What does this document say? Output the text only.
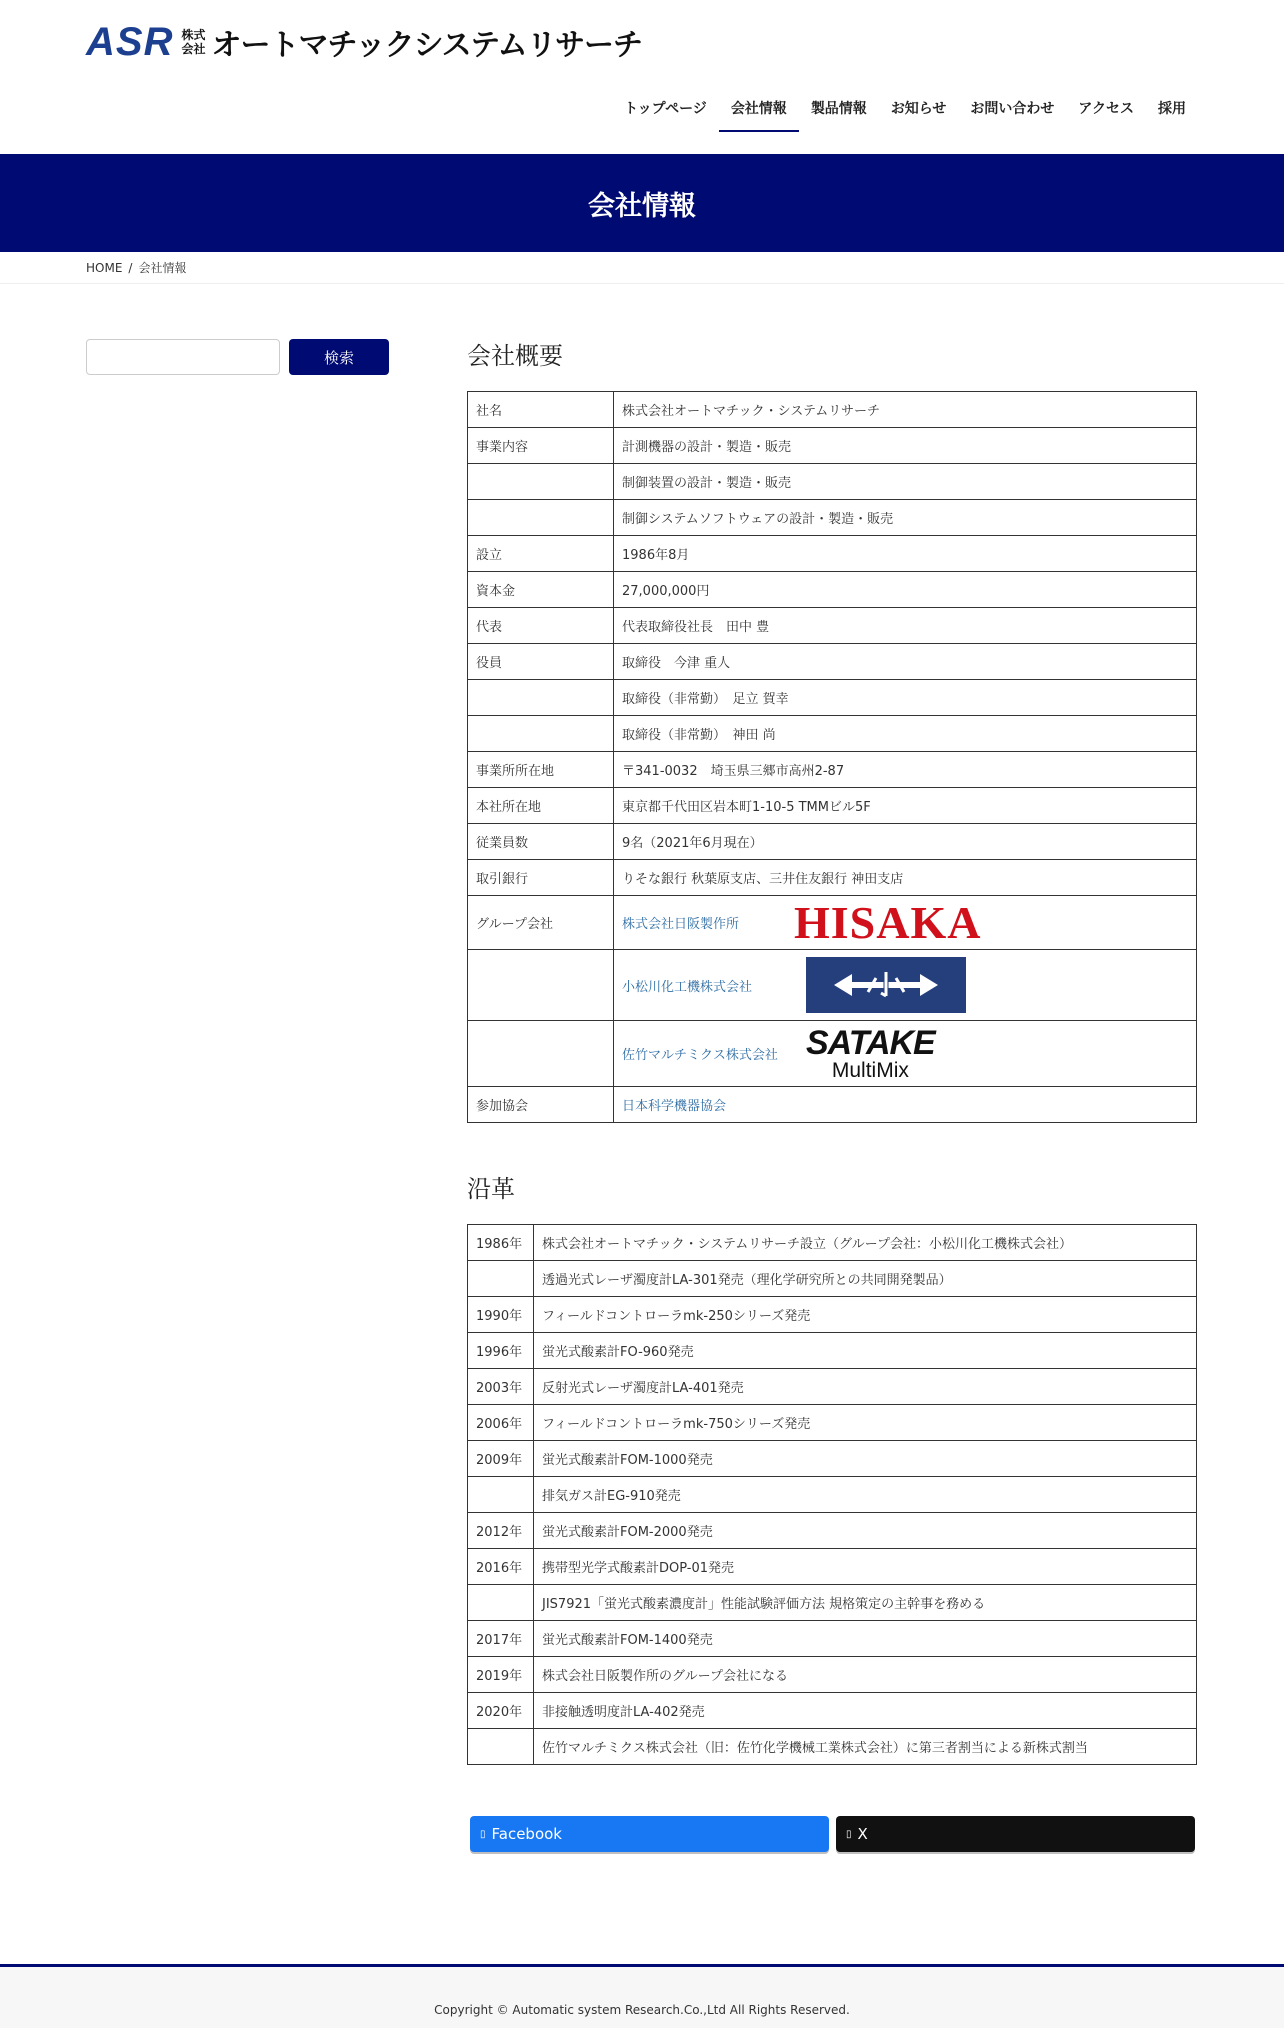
ASR 株式
会社 オートマチックシステムリサーチ
トップページ 会社情報 製品情報 お知らせ お問い合わせ アクセス 採用
会社情報
HOME / 会社情報
検索	会社概要
社名	株式会社オートマチック・システムリサーチ
事業内容	計測機器の設計・製造・販売
	制御装置の設計・製造・販売
	制御システムソフトウェアの設計・製造・販売
設立	1986年8月
資本金	27,000,000円
代表	代表取締役社長　田中 豊
役員	取締役　今津 重人
	取締役（非常勤）　足立 賀幸
	取締役（非常勤）　神田 尚
事業所所在地	〒341-0032　埼玉県三郷市高州2-87
本社所在地	東京都千代田区岩本町1-10-5 TMMビル5F
従業員数	9名（2021年6月現在）
取引銀行	りそな銀行 秋葉原支店、三井住友銀行 神田支店
グループ会社	株式会社日阪製作所 HISAKA

	小松川化工機株式会社

	佐竹マルチミクス株式会社 SATAKE
MultiMix

参加協会	日本科学機器協会
沿革
1986年	株式会社オートマチック・システムリサーチ設立（グループ会社：小松川化工機株式会社）
	透過光式レーザ濁度計LA-301発売（理化学研究所との共同開発製品）
1990年	フィールドコントローラmk-250シリーズ発売
1996年	蛍光式酸素計FO-960発売
2003年	反射光式レーザ濁度計LA-401発売
2006年	フィールドコントローラmk-750シリーズ発売
2009年	蛍光式酸素計FOM-1000発売
	排気ガス計EG-910発売
2012年	蛍光式酸素計FOM-2000発売
2016年	携帯型光学式酸素計DOP-01発売
	JIS7921「蛍光式酸素濃度計」性能試験評価方法 規格策定の主幹事を務める
2017年	蛍光式酸素計FOM-1400発売
2019年	株式会社日阪製作所のグループ会社になる
2020年	非接触透明度計LA-402発売
	佐竹マルチミクス株式会社（旧：佐竹化学機械工業株式会社）に第三者割当による新株式割当
▯ Facebook	▯ X
Copyright © Automatic system Research.Co.,Ltd All Rights Reserved.
